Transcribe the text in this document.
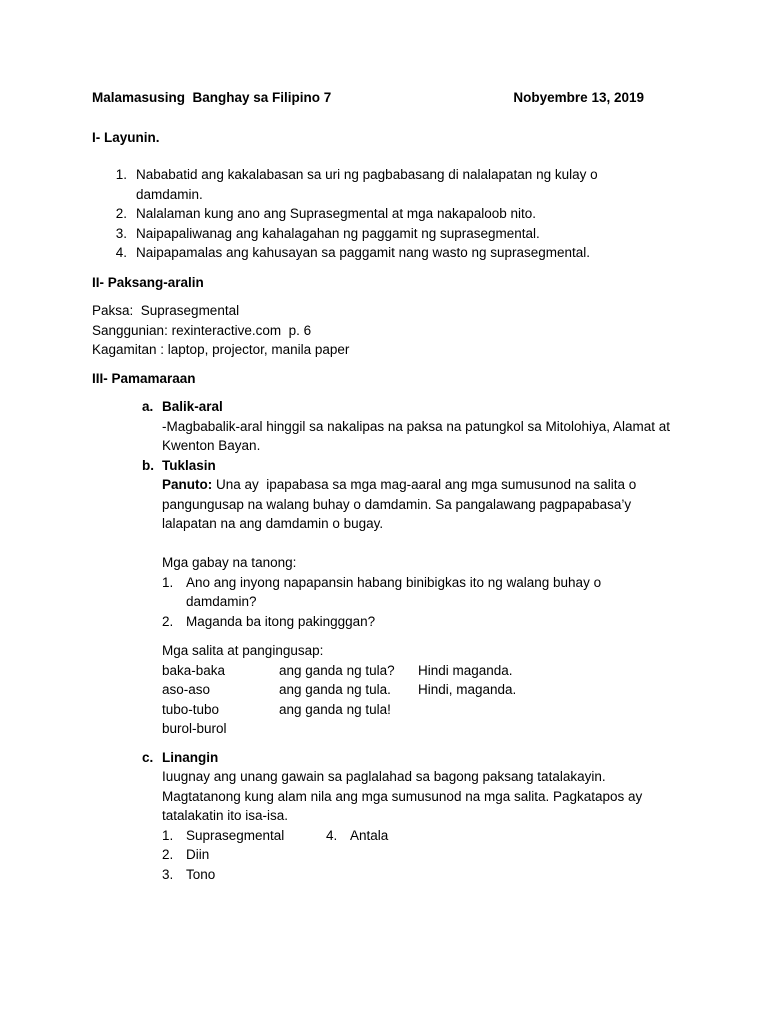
Malamasusing  Banghay sa Filipino 7	Nobyembre 13, 2019
I- Layunin.
1. Nababatid ang kakalabasan sa uri ng pagbabasang di nalalapatan ng kulay o damdamin.
2. Nalalaman kung ano ang Suprasegmental at mga nakapaloob nito.
3. Naipapaliwanag ang kahalagahan ng paggamit ng suprasegmental.
4. Naipapamalas ang kahusayan sa paggamit nang wasto ng suprasegmental.
II- Paksang-aralin

Paksa:  Suprasegmental

Sanggunian: rexinteractive.com  p. 6

Kagamitan : laptop, projector, manila paper

III- Pamamaraan
a. Balik-aral
-Magbabalik-aral hinggil sa nakalipas na paksa na patungkol sa Mitolohiya, Alamat at Kwenton Bayan.
b. Tuklasin
Panuto: Una ay  ipapabasa sa mga mag-aaral ang mga sumusunod na salita o pangungusap na walang buhay o damdamin. Sa pangalawang pagpapabasa’y lalapatan na ang damdamin o bugay.
Mga gabay na tanong:
1. Ano ang inyong napapansin habang binibigkas ito ng walang buhay o damdamin?
2. Maganda ba itong pakingggan?
Mga salita at pangingusap:
baka-baka	ang ganda ng tula?	Hindi maganda.
aso-aso	ang ganda ng tula.	Hindi, maganda.
tubo-tubo	ang ganda ng tula!
burol-burol
c. Linangin
Iuugnay ang unang gawain sa paglalahad sa bagong paksang tatalakayin. Magtatanong kung alam nila ang mga sumusunod na mga salita. Pagkatapos ay tatalakatin ito isa-isa.
1. Suprasegmental	4. Antala
2. Diin
3. Tono
